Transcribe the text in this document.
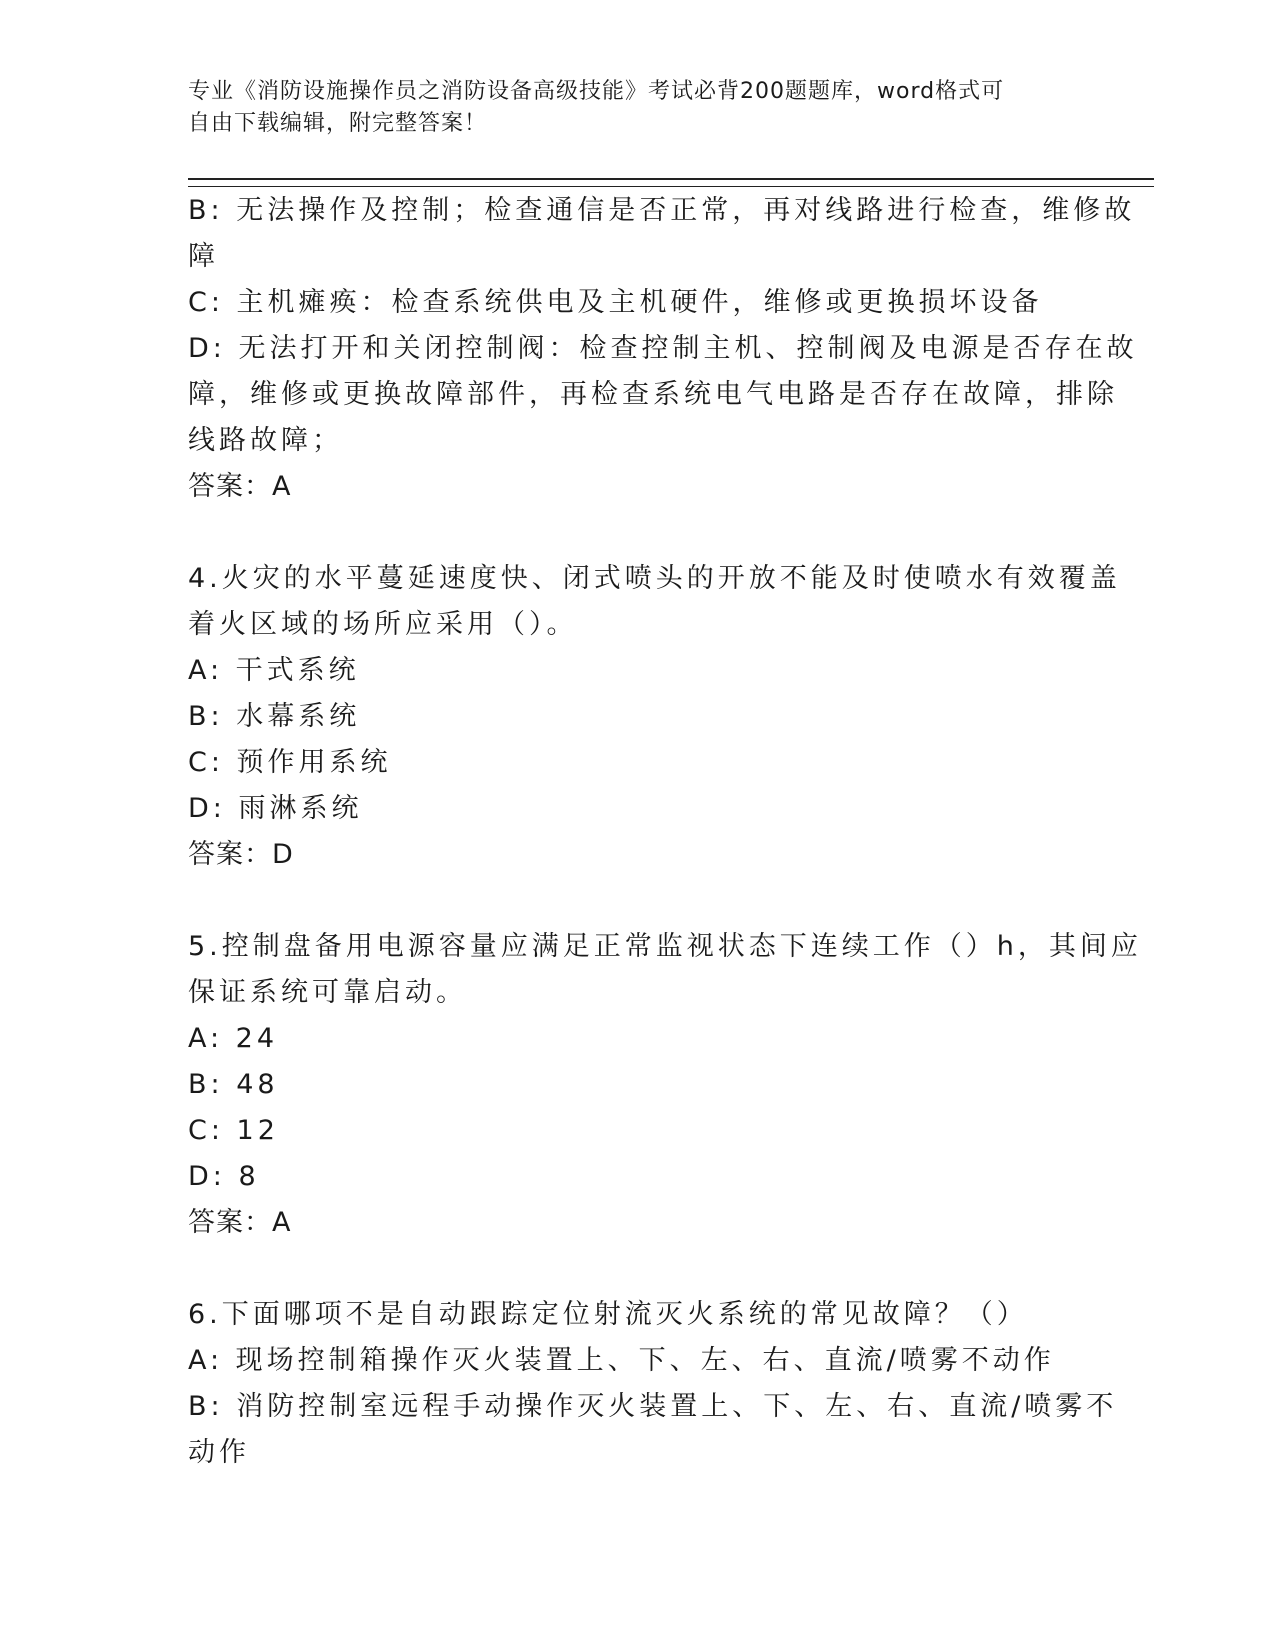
专业《消防设施操作员之消防设备高级技能》考试必背200题题库，word格式可
自由下载编辑，附完整答案！
B: 无法操作及控制；检查通信是否正常，再对线路进行检查，维修故
障
C: 主机瘫痪：检查系统供电及主机硬件，维修或更换损坏设备
D: 无法打开和关闭控制阀：检查控制主机、控制阀及电源是否存在故
障，维修或更换故障部件，再检查系统电气电路是否存在故障，排除
线路故障；
答案：A
4.火灾的水平蔓延速度快、闭式喷头的开放不能及时使喷水有效覆盖
着火区域的场所应采用（）。
A: 干式系统
B: 水幕系统
C: 预作用系统
D: 雨淋系统
答案：D
5.控制盘备用电源容量应满足正常监视状态下连续工作（）h，其间应
保证系统可靠启动。
A: 24
B: 48
C: 12
D: 8
答案：A
6.下面哪项不是自动跟踪定位射流灭火系统的常见故障？（）
A: 现场控制箱操作灭火装置上、下、左、右、直流/喷雾不动作
B: 消防控制室远程手动操作灭火装置上、下、左、右、直流/喷雾不
动作
